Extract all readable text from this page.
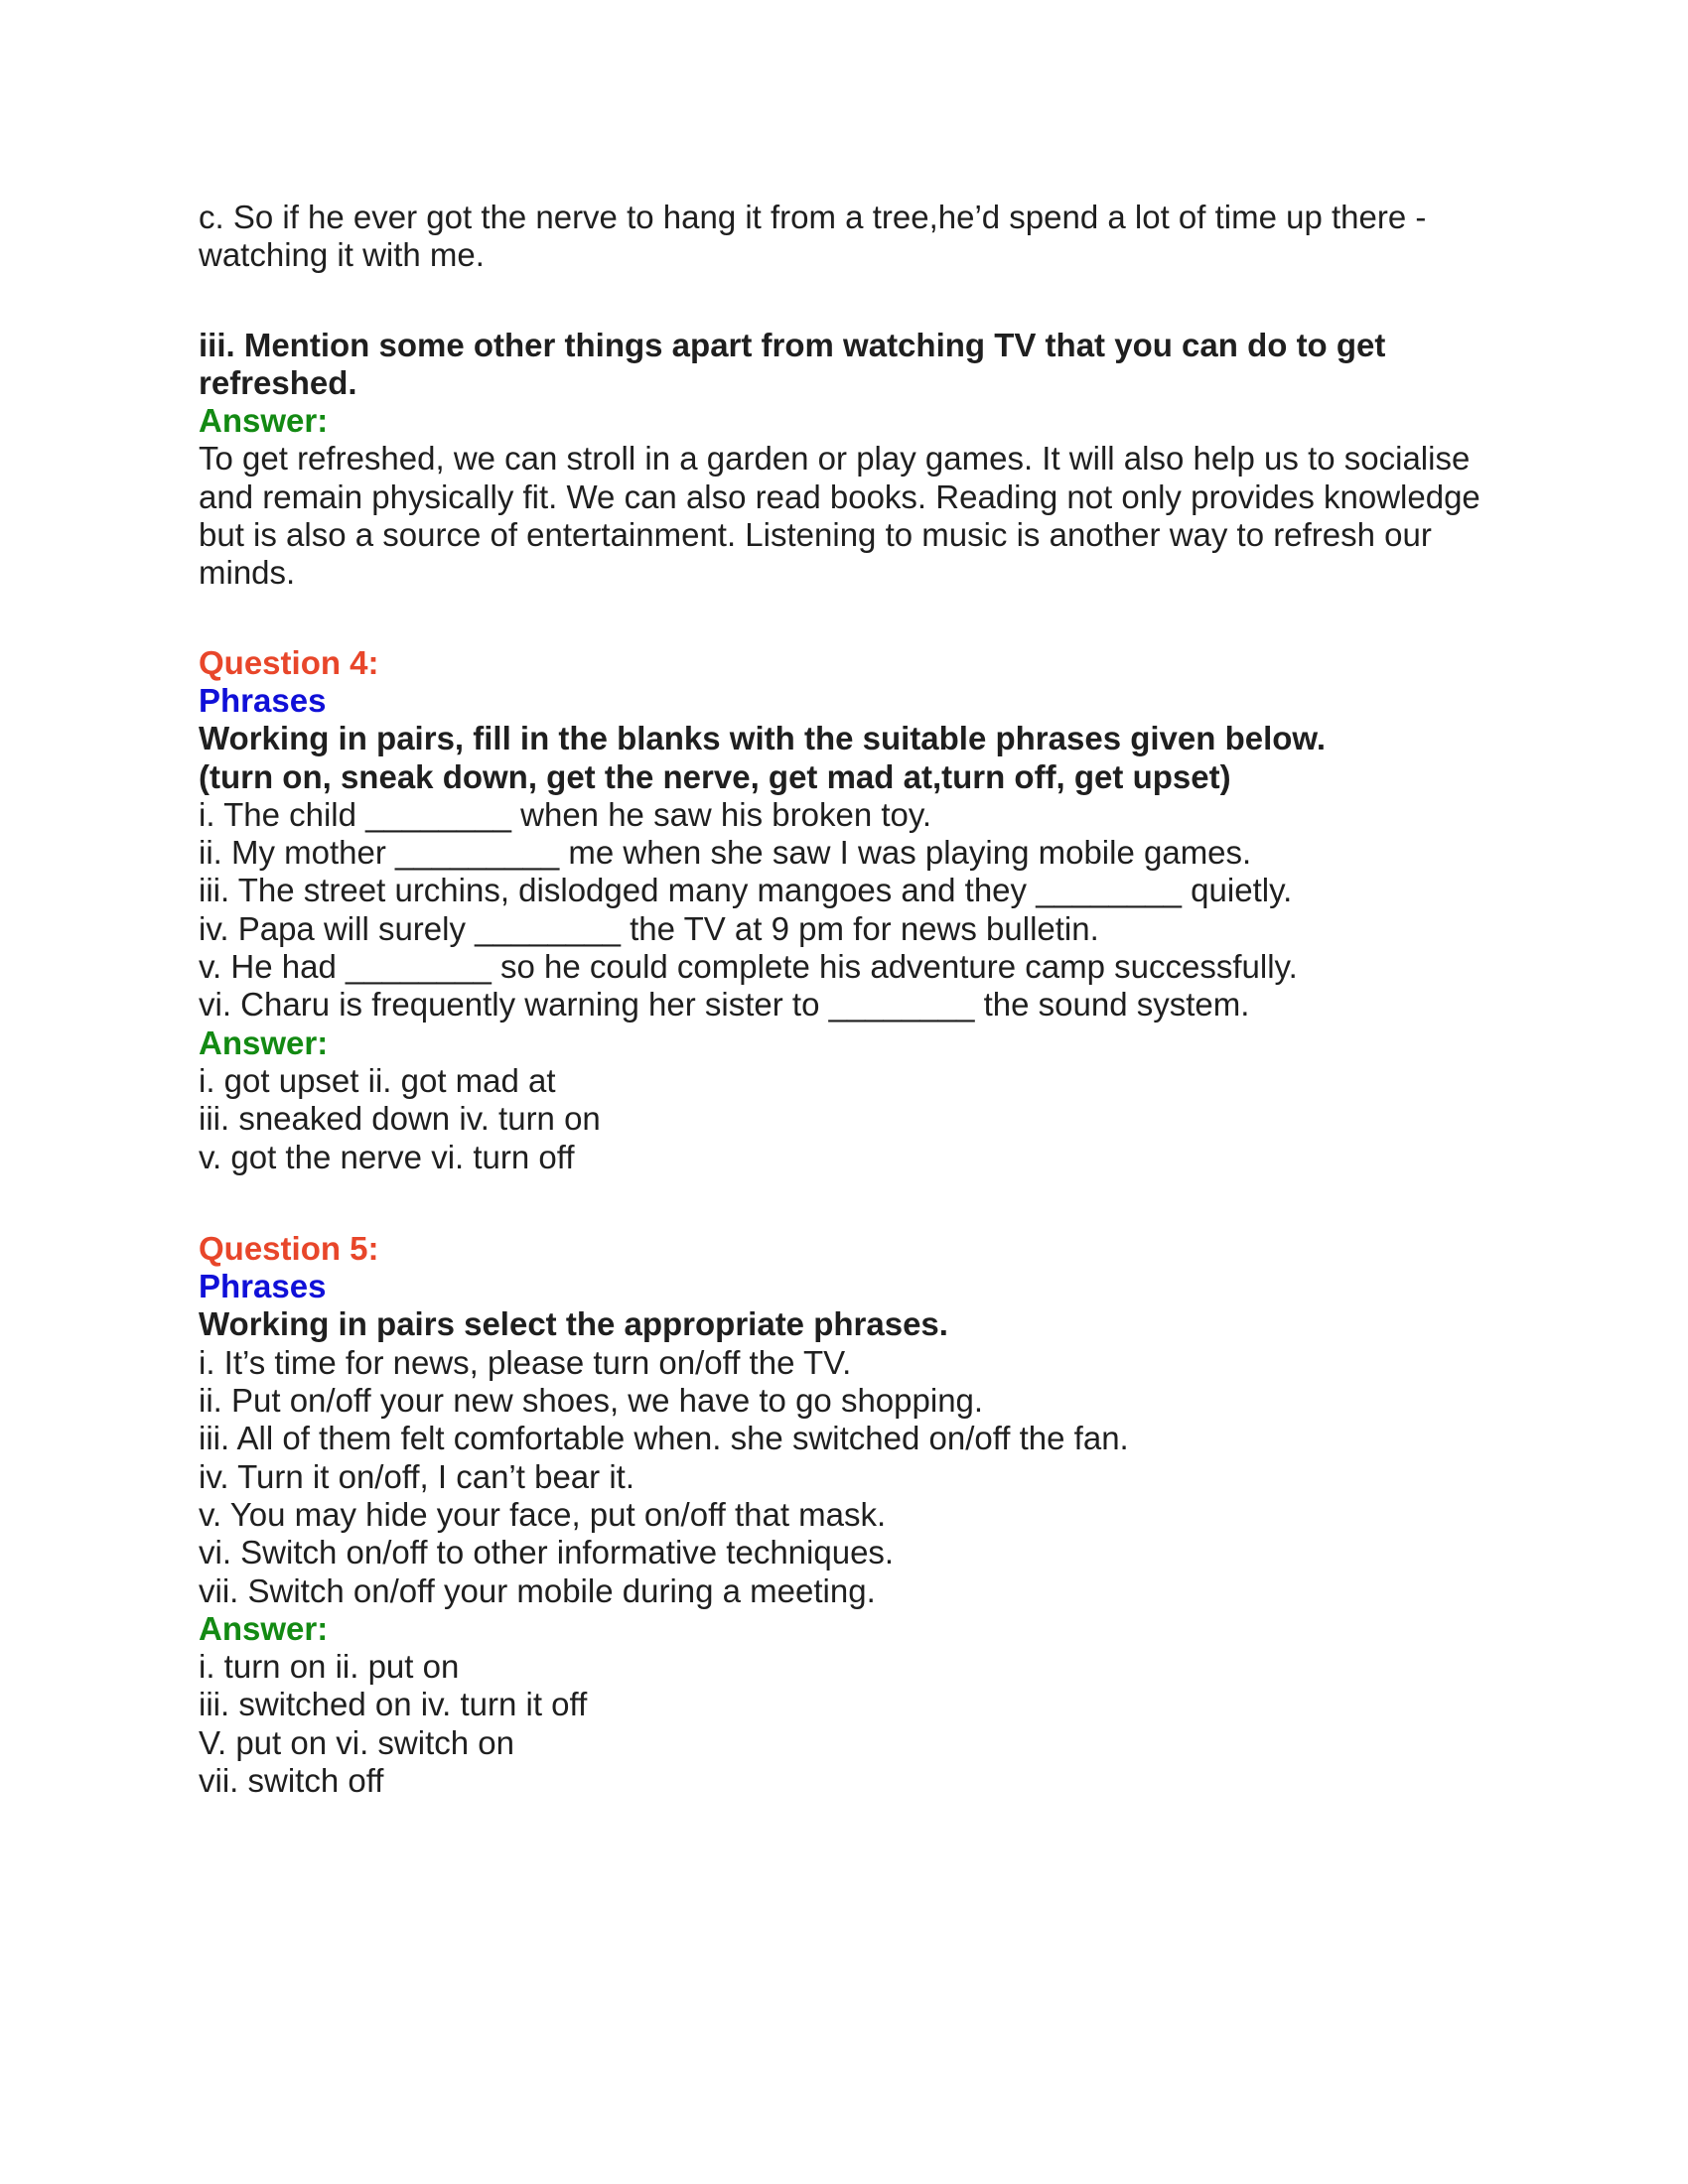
c. So if he ever got the nerve to hang it from a tree,he’d spend a lot of time up there - watching it with me.
iii. Mention some other things apart from watching TV that you can do to get refreshed.
Answer:
To get refreshed, we can stroll in a garden or play games. It will also help us to socialise and remain physically fit. We can also read books. Reading not only provides knowledge but is also a source of entertainment. Listening to music is another way to refresh our minds.
Question 4:
Phrases
Working in pairs, fill in the blanks with the suitable phrases given below.
(turn on, sneak down, get the nerve, get mad at,turn off, get upset)
i. The child ________ when he saw his broken toy.
ii. My mother _________ me when she saw I was playing mobile games.
iii. The street urchins, dislodged many mangoes and they ________ quietly.
iv. Papa will surely ________ the TV at 9 pm for news bulletin.
v. He had ________ so he could complete his adventure camp successfully.
vi. Charu is frequently warning her sister to ________ the sound system.
Answer:
i. got upset ii. got mad at
iii. sneaked down iv. turn on
v. got the nerve vi. turn off
Question 5:
Phrases
Working in pairs select the appropriate phrases.
i. It’s time for news, please turn on/off the TV.
ii. Put on/off your new shoes, we have to go shopping.
iii. All of them felt comfortable when. she switched on/off the fan.
iv. Turn it on/off, I can’t bear it.
v. You may hide your face, put on/off that mask.
vi. Switch on/off to other informative techniques.
vii. Switch on/off your mobile during a meeting.
Answer:
i. turn on ii. put on
iii. switched on iv. turn it off
V. put on vi. switch on
vii. switch off
